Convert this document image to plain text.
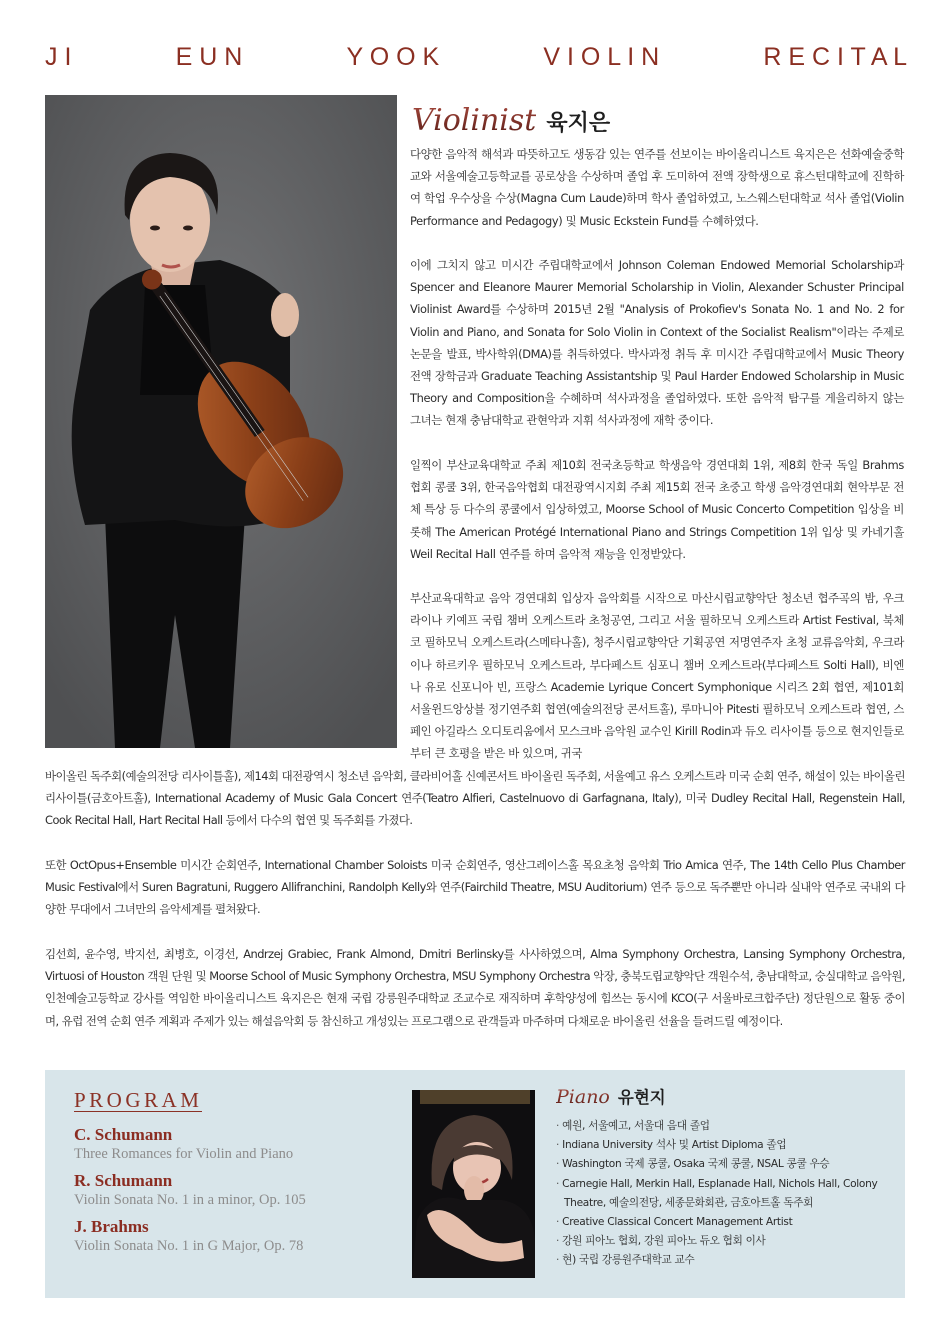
J I	E U N	Y O O K	V I O L I N	R E C I T A L
Violinist 육지은

다양한 음악적 해석과 따뜻하고도 생동감 있는 연주를 선보이는 바이올리니스트 육지은은 선화예술중학교와 서울예술고등학교를 공로상을 수상하며 졸업 후 도미하여 전액 장학생으로 휴스턴대학교에 진학하여 학업 우수상을 수상(Magna Cum Laude)하며 학사 졸업하였고, 노스웨스턴대학교 석사 졸업(Violin Performance and Pedagogy) 및 Music Eckstein Fund를 수혜하였다.

이에 그치지 않고 미시간 주립대학교에서 Johnson Coleman Endowed Memorial Scholarship과 Spencer and Eleanore Maurer Memorial Scholarship in Violin, Alexander Schuster Principal Violinist Award를 수상하며 2015년 2월 "Analysis of Prokofiev's Sonata No. 1 and No. 2 for Violin and Piano, and Sonata for Solo Violin in Context of the Socialist Realism"이라는 주제로 논문을 발표, 박사학위(DMA)를 취득하였다. 박사과정 취득 후 미시간 주립대학교에서 Music Theory 전액 장학금과 Graduate Teaching Assistantship 및 Paul Harder Endowed Scholarship in Music Theory and Composition을 수혜하며 석사과정을 졸업하였다. 또한 음악적 탐구를 게을리하지 않는 그녀는 현재 충남대학교 관현악과 지휘 석사과정에 재학 중이다.

일찍이 부산교육대학교 주최 제10회 전국초등학교 학생음악 경연대회 1위, 제8회 한국 독일 Brahms 협회 콩쿨 3위, 한국음악협회 대전광역시지회 주최 제15회 전국 초중고 학생 음악경연대회 현악부문 전체 특상 등 다수의 콩쿨에서 입상하였고, Moorse School of Music Concerto Competition 입상을 비롯해 The American Protégé International Piano and Strings Competition 1위 입상 및 카네기홀 Weil Recital Hall 연주를 하며 음악적 재능을 인정받았다.

부산교육대학교 음악 경연대회 입상자 음악회를 시작으로 마산시립교향악단 청소년 협주곡의 밤, 우크라이나 키예프 국립 챔버 오케스트라 초청공연, 그리고 서울 필하모닉 오케스트라 Artist Festival, 북체코 필하모닉 오케스트라(스메타나홀), 청주시립교향악단 기획공연 저명연주자 초청 교류음악회, 우크라이나 하르키우 필하모닉 오케스트라, 부다페스트 심포니 챔버 오케스트라(부다페스트 Solti Hall), 비엔나 유로 신포니아 빈, 프랑스 Academie Lyrique Concert Symphonique 시리즈 2회 협연, 제101회 서울윈드앙상블 정기연주회 협연(예술의전당 콘서트홀), 루마니아 Pitesti 필하모닉 오케스트라 협연, 스페인 아길라스 오디토리움에서 모스크바 음악원 교수인 Kirill Rodin과 듀오 리사이틀 등으로 현지인들로부터 큰 호평을 받은 바 있으며, 귀국

바이올린 독주회(예술의전당 리사이틀홀), 제14회 대전광역시 청소년 음악회, 클라비어홀 신예콘서트 바이올린 독주회, 서울예고 유스 오케스트라 미국 순회 연주, 해설이 있는 바이올린 리사이틀(금호아트홀), International Academy of Music Gala Concert 연주(Teatro Alfieri, Castelnuovo di Garfagnana, Italy), 미국 Dudley Recital Hall, Regenstein Hall, Cook Recital Hall, Hart Recital Hall 등에서 다수의 협연 및 독주회를 가졌다.

또한 OctOpus+Ensemble 미시간 순회연주, International Chamber Soloists 미국 순회연주, 영산그레이스홀 목요초청 음악회 Trio Amica 연주, The 14th Cello Plus Chamber Music Festival에서 Suren Bagratuni, Ruggero Allifranchini, Randolph Kelly와 연주(Fairchild Theatre, MSU Auditorium) 연주 등으로 독주뿐만 아니라 실내악 연주로 국내외 다양한 무대에서 그녀만의 음악세계를 펼쳐왔다.

김선희, 윤수영, 박지선, 최병호, 이경선, Andrzej Grabiec, Frank Almond, Dmitri Berlinsky를 사사하였으며, Alma Symphony Orchestra, Lansing Symphony Orchestra, Virtuosi of Houston 객원 단원 및 Moorse School of Music Symphony Orchestra, MSU Symphony Orchestra 악장, 충북도립교향악단 객원수석, 충남대학교, 숭실대학교 음악원, 인천예술고등학교 강사를 역임한 바이올리니스트 육지은은 현재 국립 강릉원주대학교 조교수로 재직하며 후학양성에 힘쓰는 동시에 KCO(구 서울바로크합주단) 정단원으로 활동 중이며, 유럽 전역 순회 연주 계획과 주제가 있는 해설음악회 등 참신하고 개성있는 프로그램으로 관객들과 마주하며 다채로운 바이올린 선율을 들려드릴 예정이다.

PROGRAM
C. Schumann
Three Romances for Violin and Piano
R. Schumann
Violin Sonata No. 1 in a minor, Op. 105
J. Brahms
Violin Sonata No. 1 in G Major, Op. 78
Piano 유현지
· 예원, 서울예고, 서울대 음대 졸업
· Indiana University 석사 및 Artist Diploma 졸업
· Washington 국제 콩쿨, Osaka 국제 콩쿨, NSAL 콩쿨 우승
· Carnegie Hall, Merkin Hall, Esplanade Hall, Nichols Hall, Colony Theatre, 예술의전당, 세종문화회관, 금호아트홀 독주회
· Creative Classical Concert Management Artist
· 강원 피아노 협회, 강원 피아노 듀오 협회 이사
· 현) 국립 강릉원주대학교 교수
